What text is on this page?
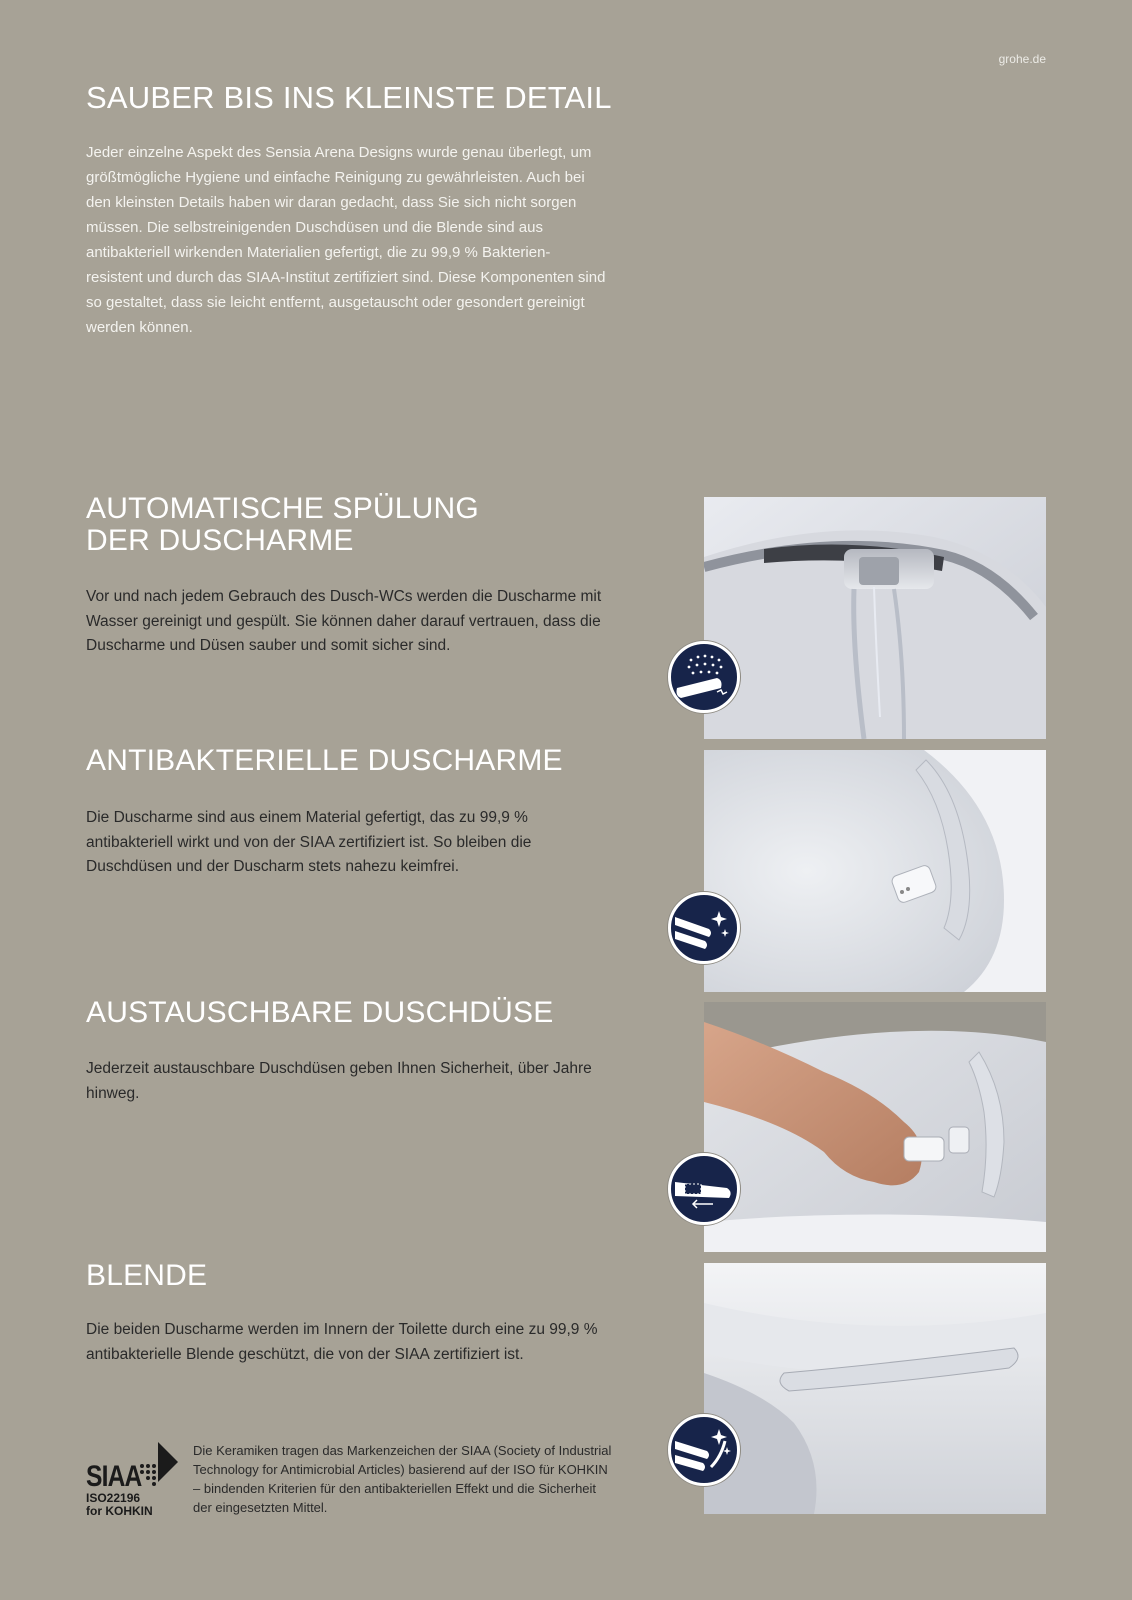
grohe.de
SAUBER BIS INS KLEINSTE DETAIL

Jeder einzelne Aspekt des Sensia Arena Designs wurde genau überlegt, um größtmögliche Hygiene und einfache Reinigung zu gewährleisten. Auch bei den kleinsten Details haben wir daran gedacht, dass Sie sich nicht sorgen müssen. Die selbstreinigenden Duschdüsen und die Blende sind aus antibakteriell wirkenden Materialien gefertigt, die zu 99,9 % Bakterien-resistent und durch das SIAA-Institut zertifiziert sind. Diese Komponenten sind so gestaltet, dass sie leicht entfernt, ausgetauscht oder gesondert gereinigt werden können.

AUTOMATISCHE SPÜLUNG
DER DUSCHARME

Vor und nach jedem Gebrauch des Dusch-WCs werden die Duscharme mit Wasser gereinigt und gespült. Sie können daher darauf vertrauen, dass die Duscharme und Düsen sauber und somit sicher sind.

ANTIBAKTERIELLE DUSCHARME

Die Duscharme sind aus einem Material gefertigt, das zu 99,9 % antibakteriell wirkt und von der SIAA zertifiziert ist. So bleiben die Duschdüsen und der Duscharm stets nahezu keimfrei.

AUSTAUSCHBARE DUSCHDÜSE

Jederzeit austauschbare Duschdüsen geben Ihnen Sicherheit, über Jahre hinweg.

BLENDE

Die beiden Duscharme werden im Innern der Toilette durch eine zu 99,9 % antibakterielle Blende geschützt, die von der SIAA zertifiziert ist.

SIAA
ISO22196
for KOHKIN

Die Keramiken tragen das Markenzeichen der SIAA (Society of Industrial Technology for Antimicrobial Articles) basierend auf der ISO für KOHKIN – bindenden Kriterien für den antibakteriellen Effekt und die Sicherheit der eingesetzten Mittel.
